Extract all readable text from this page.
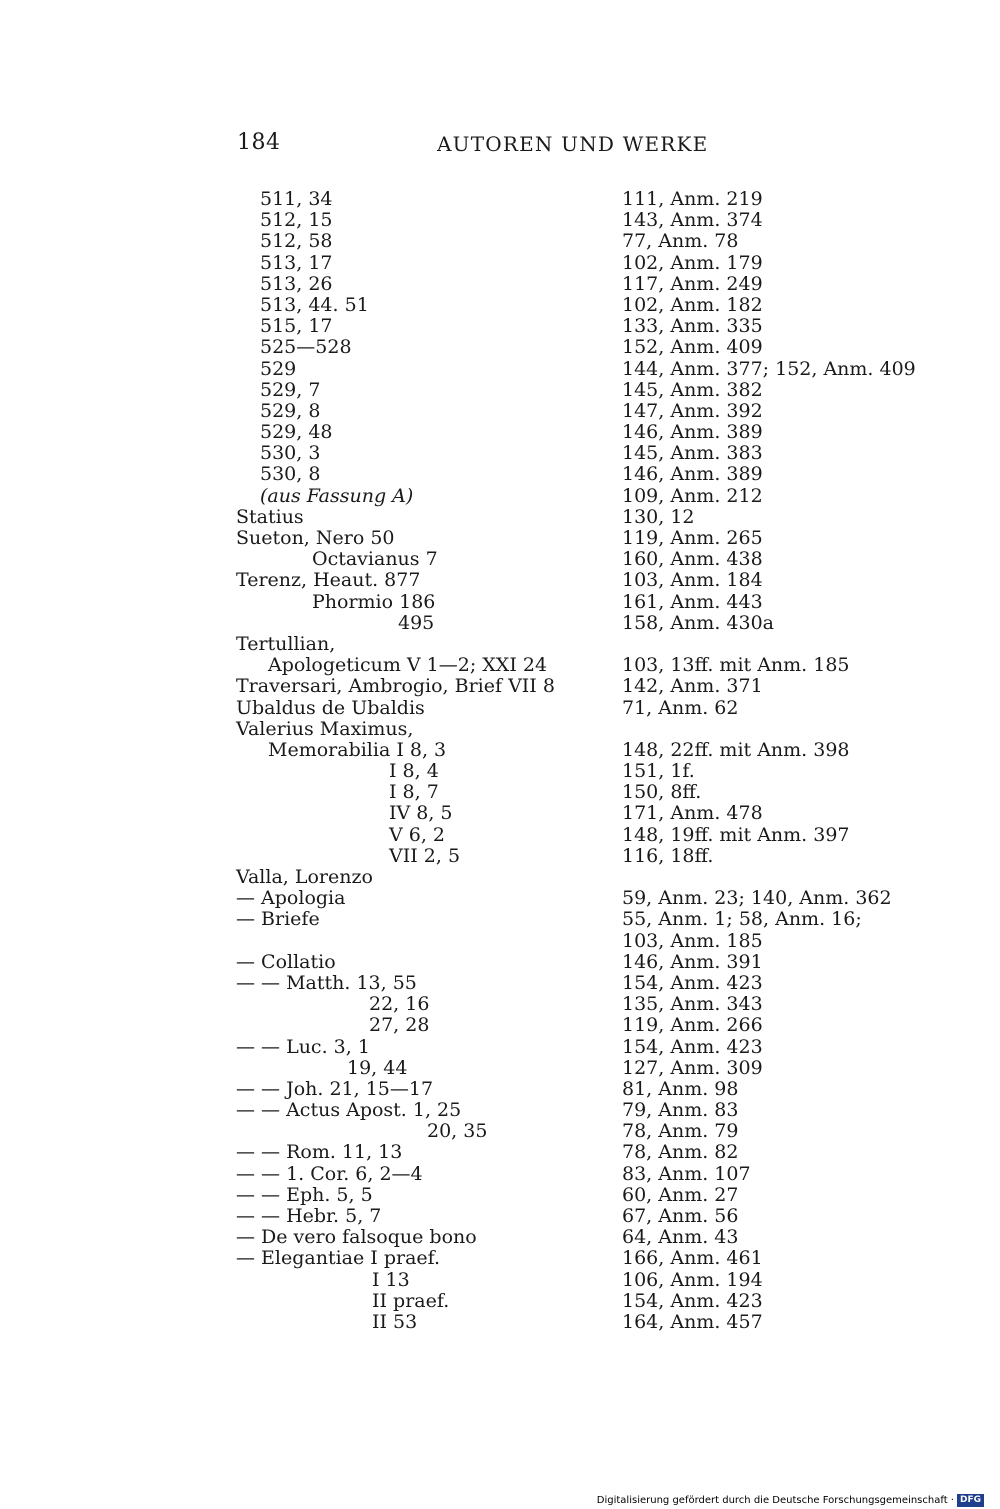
184	AUTOREN UND WERKE
511, 34	111, Anm. 219
512, 15	143, Anm. 374
512, 58	77, Anm. 78
513, 17	102, Anm. 179
513, 26	117, Anm. 249
513, 44. 51	102, Anm. 182
515, 17	133, Anm. 335
525—528	152, Anm. 409
529	144, Anm. 377; 152, Anm. 409
529, 7	145, Anm. 382
529, 8	147, Anm. 392
529, 48	146, Anm. 389
530, 3	145, Anm. 383
530, 8	146, Anm. 389
(aus Fassung A)	109, Anm. 212
Statius	130, 12
Sueton, Nero 50	119, Anm. 265
Octavianus 7	160, Anm. 438
Terenz, Heaut. 877	103, Anm. 184
Phormio 186	161, Anm. 443
495	158, Anm. 430a
Tertullian,
Apologeticum V 1—2; XXI 24	103, 13ff. mit Anm. 185
Traversari, Ambrogio, Brief VII 8	142, Anm. 371
Ubaldus de Ubaldis	71, Anm. 62
Valerius Maximus,
Memorabilia I 8, 3	148, 22ff. mit Anm. 398
I 8, 4	151, 1f.
I 8, 7	150, 8ff.
IV 8, 5	171, Anm. 478
V 6, 2	148, 19ff. mit Anm. 397
VII 2, 5	116, 18ff.
Valla, Lorenzo
— Apologia	59, Anm. 23; 140, Anm. 362
— Briefe	55, Anm. 1; 58, Anm. 16;
103, Anm. 185
— Collatio	146, Anm. 391
— — Matth. 13, 55	154, Anm. 423
22, 16	135, Anm. 343
27, 28	119, Anm. 266
— — Luc. 3, 1	154, Anm. 423
19, 44	127, Anm. 309
— — Joh. 21, 15—17	81, Anm. 98
— — Actus Apost. 1, 25	79, Anm. 83
20, 35	78, Anm. 79
— — Rom. 11, 13	78, Anm. 82
— — 1. Cor. 6, 2—4	83, Anm. 107
— — Eph. 5, 5	60, Anm. 27
— — Hebr. 5, 7	67, Anm. 56
— De vero falsoque bono	64, Anm. 43
— Elegantiae I praef.	166, Anm. 461
I 13	106, Anm. 194
II praef.	154, Anm. 423
II 53	164, Anm. 457
Digitalisierung gefördert durch die Deutsche Forschungsgemeinschaft · DFG
